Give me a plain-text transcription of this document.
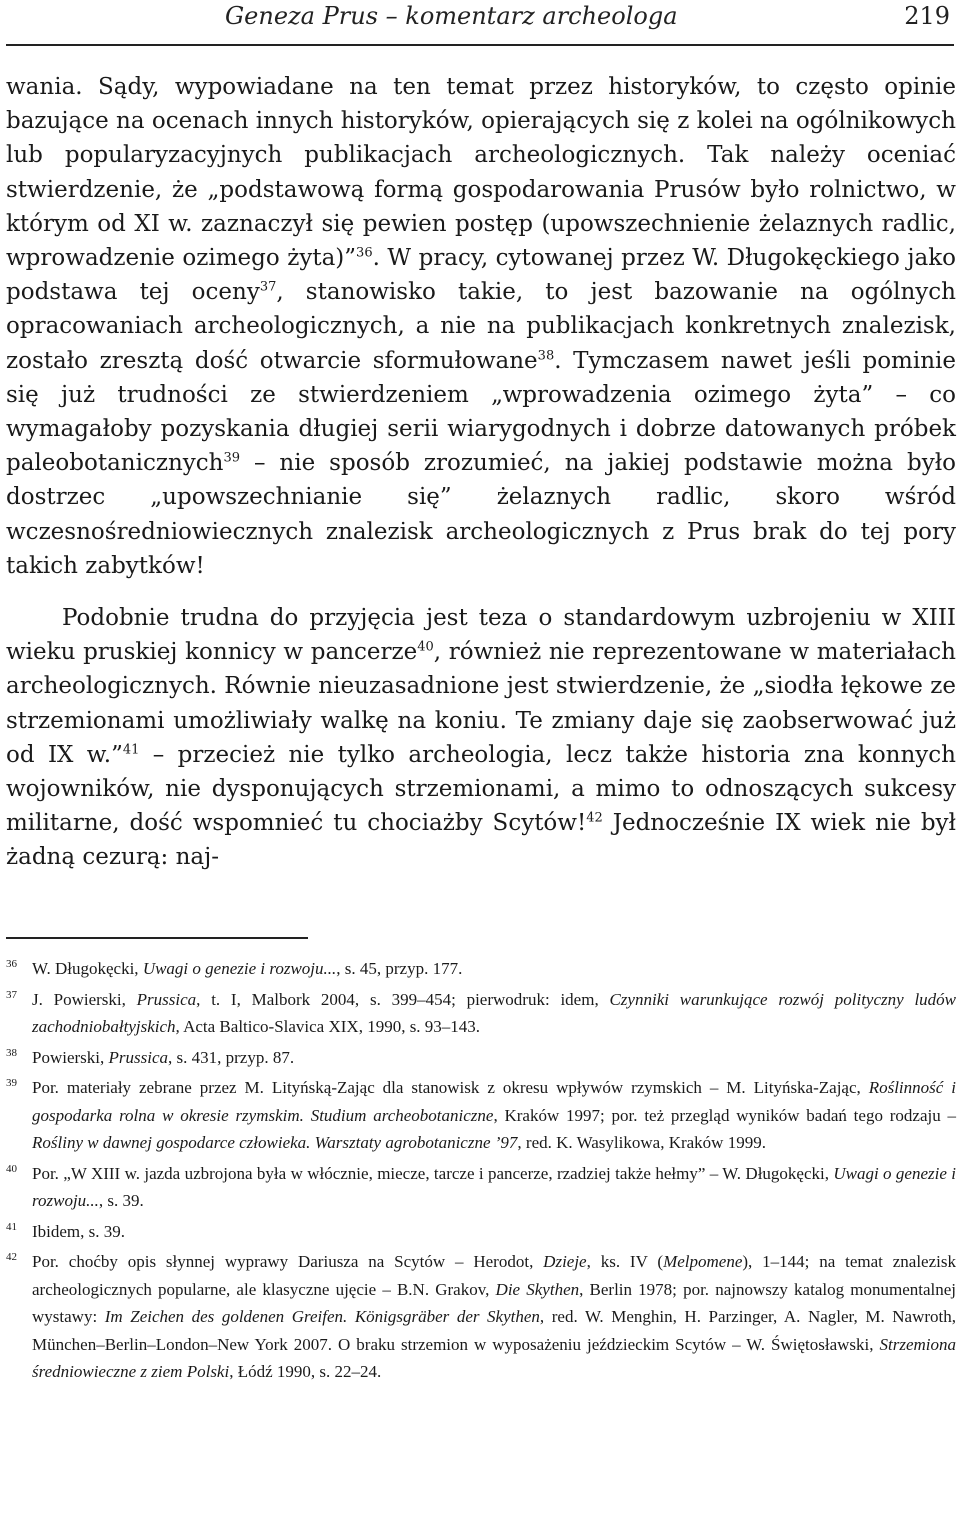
Geneza Prus – komentarz archeologa	219

wania. Sądy, wypowiadane na ten temat przez historyków, to często opinie bazujące na ocenach innych historyków, opierających się z kolei na ogólnikowych lub popularyzacyjnych publikacjach archeologicznych. Tak należy oceniać stwierdzenie, że „podstawową formą gospodarowania Prusów było rolnictwo, w którym od XI w. zaznaczył się pewien postęp (upowszechnienie żelaznych radlic, wprowadzenie ozimego żyta)”$^{36}$. W pracy, cytowanej przez W. Długokęckiego jako podstawa tej oceny$^{37}$, stanowisko takie, to jest bazowanie na ogólnych opracowaniach archeologicznych, a nie na publikacjach konkretnych znalezisk, zostało zresztą dość otwarcie sformułowane$^{38}$. Tymczasem nawet jeśli pominie się już trudności ze stwierdzeniem „wprowadzenia ozimego żyta” – co wymagałoby pozyskania długiej serii wiarygodnych i dobrze datowanych próbek paleobotanicznych$^{39}$ – nie sposób zrozumieć, na jakiej podstawie można było dostrzec „upowszechnianie się” żelaznych radlic, skoro wśród wczesnośredniowiecznych znalezisk archeologicznych z Prus brak do tej pory takich zabytków!

Podobnie trudna do przyjęcia jest teza o standardowym uzbrojeniu w XIII wieku pruskiej konnicy w pancerze$^{40}$, również nie reprezentowane w materiałach archeologicznych. Równie nieuzasadnione jest stwierdzenie, że „siodła łękowe ze strzemionami umożliwiały walkę na koniu. Te zmiany daje się zaobserwować już od IX w.”$^{41}$ – przecież nie tylko archeologia, lecz także historia zna konnych wojowników, nie dysponujących strzemionami, a mimo to odnoszących sukcesy militarne, dość wspomnieć tu chociażby Scytów!$^{42}$ Jednocześnie IX wiek nie był żadną cezurą: naj-

36 W. Długokęcki, Uwagi o genezie i rozwoju..., s. 45, przyp. 177.

37 J. Powierski, Prussica, t. I, Malbork 2004, s. 399–454; pierwodruk: idem, Czynniki warunkujące rozwój polityczny ludów zachodniobałtyjskich, Acta Baltico-Slavica XIX, 1990, s. 93–143.

38 Powierski, Prussica, s. 431, przyp. 87.

39 Por. materiały zebrane przez M. Lityńską-Zając dla stanowisk z okresu wpływów rzymskich – M. Lityńska-Zając, Roślinność i gospodarka rolna w okresie rzymskim. Studium archeobotaniczne, Kraków 1997; por. też przegląd wyników badań tego rodzaju – Rośliny w dawnej gospodarce człowieka. Warsztaty agrobotaniczne ’97, red. K. Wasylikowa, Kraków 1999.

40 Por. „W XIII w. jazda uzbrojona była w włócznie, miecze, tarcze i pancerze, rzadziej także hełmy” – W. Długokęcki, Uwagi o genezie i rozwoju..., s. 39.

41 Ibidem, s. 39.

42 Por. choćby opis słynnej wyprawy Dariusza na Scytów – Herodot, Dzieje, ks. IV (Melpomene), 1–144; na temat znalezisk archeologicznych popularne, ale klasyczne ujęcie – B.N. Grakov, Die Skythen, Berlin 1978; por. najnowszy katalog monumentalnej wystawy: Im Zeichen des goldenen Greifen. Königsgräber der Skythen, red. W. Menghin, H. Parzinger, A. Nagler, M. Nawroth, München–Berlin–London–New York 2007. O braku strzemion w wyposażeniu jeździeckim Scytów – W. Świętosławski, Strzemiona średniowieczne z ziem Polski, Łódź 1990, s. 22–24.
